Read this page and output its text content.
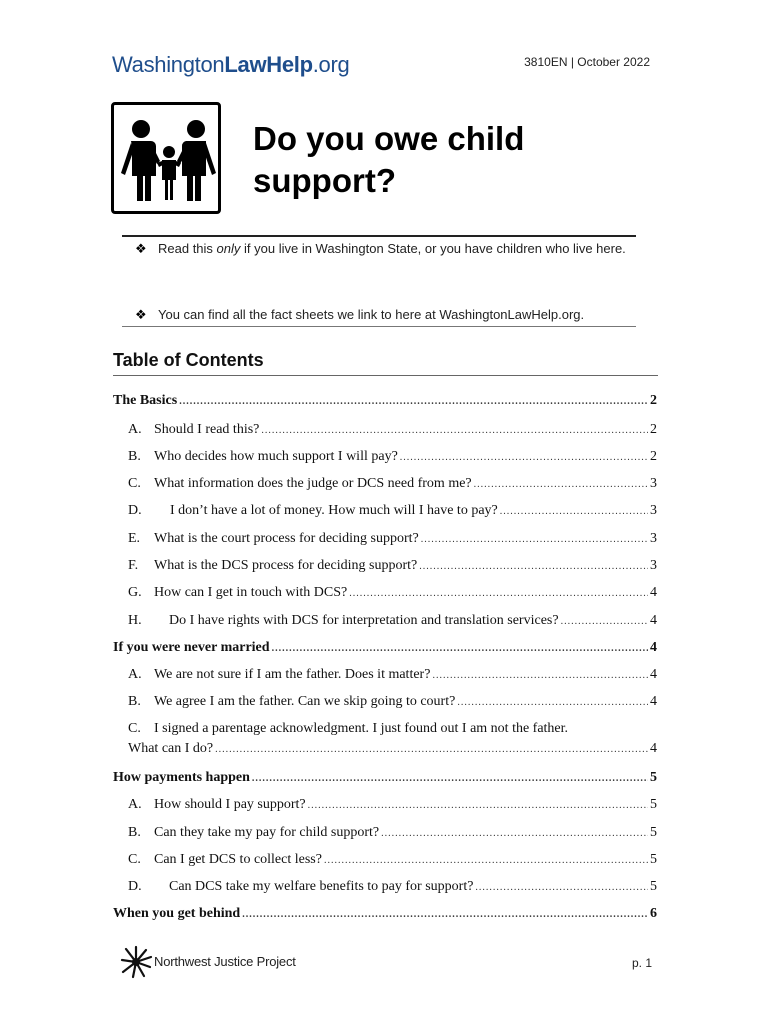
WashingtonLawHelp.org	3810EN | October 2022
Do you owe child
support?
❖ Read this only if you live in Washington State, or you have children who live here.
❖ You can find all the fact sheets we link to here at WashingtonLawHelp.org.
Table of Contents
The Basics .....	2
A. Should I read this? .....	2
B. Who decides how much support I will pay? .....	2
C. What information does the judge or DCS need from me? .....	3
D.	I don’t have a lot of money. How much will I have to pay? .....	3
E. What is the court process for deciding support? .....	3
F.	What is the DCS process for deciding support? .....	3
G. How can I get in touch with DCS? .....	4
H.	Do I have rights with DCS for interpretation and translation services? .....	4
If you were never married .....	4
A. We are not sure if I am the father. Does it matter? .....	4
B. We agree I am the father. Can we skip going to court? .....	4
C. I signed a parentage acknowledgment. I just found out I am not the father.
What can I do? .....	4
How payments happen .....	5
A. How should I pay support? .....	5
B. Can they take my pay for child support? .....	5
C. Can I get DCS to collect less? .....	5
D.	Can DCS take my welfare benefits to pay for support? .....	5
When you get behind .....	6
Northwest Justice Project	p. 1
